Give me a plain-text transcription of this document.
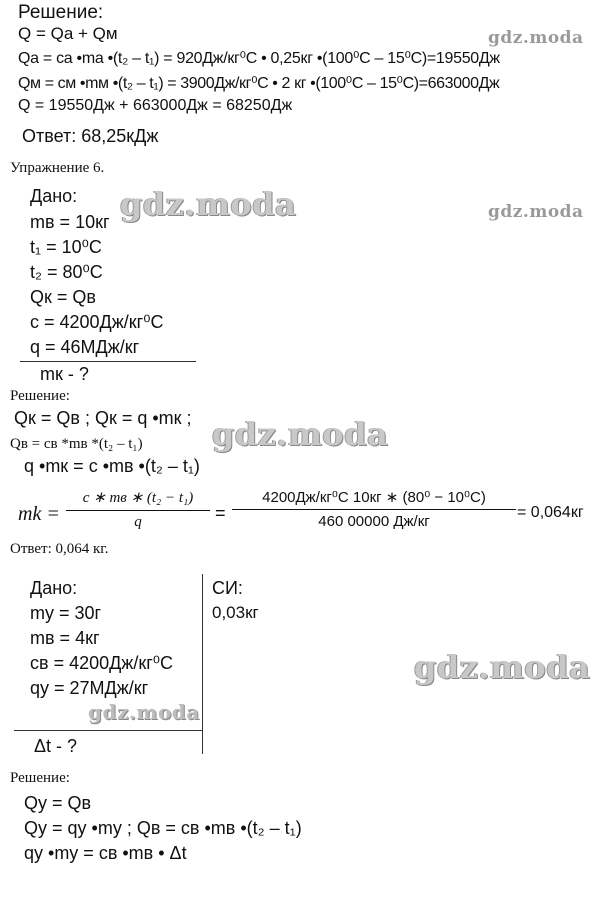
Решение:
Q = Qа + Qм
Qа = cа •mа •(t₂ – t₁) = 920Дж/кг⁰С • 0,25кг •(100⁰С – 15⁰С)=19550Дж
Qм = cм •mм •(t₂ – t₁) = 3900Дж/кг⁰С • 2 кг •(100⁰С – 15⁰С)=663000Дж
Q = 19550Дж + 663000Дж = 68250Дж
Ответ: 68,25кДж
gdz.moda
Упражнение 6.
Дано:
mв = 10кг
t₁ = 10⁰С
t₂ = 80⁰С
Qк = Qв
c = 4200Дж/кг⁰С
q = 46МДж/кг
mк - ?
gdz.moda	gdz.moda
Решение:
Qк = Qв ; Qк = q •mк ; gdz.moda
Qв = cв *mв *(t₂ – t₁)
q •mк = c •mв •(t₂ – t₁)
mk =
c ∗ mв ∗ (t₂ − t₁)
q	=
4200Дж/кг⁰С 10кг ∗ (80⁰ − 10⁰С)
460 00000 Дж/кг
= 0,064кг
Ответ: 0,064 кг.
Дано:
mу = 30г
mв = 4кг
cв = 4200Дж/кг⁰С
qу = 27МДж/кг
gdz.moda
Δt - ?
СИ:
0,03кг
gdz.moda
Решение:
Qу = Qв
Qу = qу •mу ; Qв = cв •mв •(t₂ – t₁)
qу •mу = cв •mв • Δt
